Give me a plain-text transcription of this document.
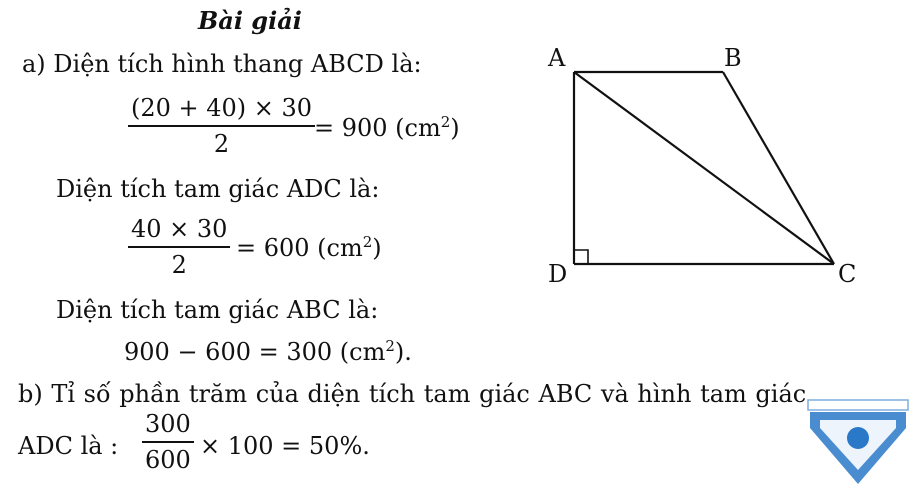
Bài giải
a) Diện tích hình thang ABCD là:
(20 + 40) × 30
2
= 900 $(cm^2)$
Diện tích tam giác ADC là:
40 × 30
2
= 600 $(cm^2)$
Diện tích tam giác ABC là:
900 − 600 = 300 $(cm^2)$.
b) Tỉ số phần trăm của diện tích tam giác ABC và hình tam giác
ADC là :
300
600 × 100 = 50%.
A	B
C
D
